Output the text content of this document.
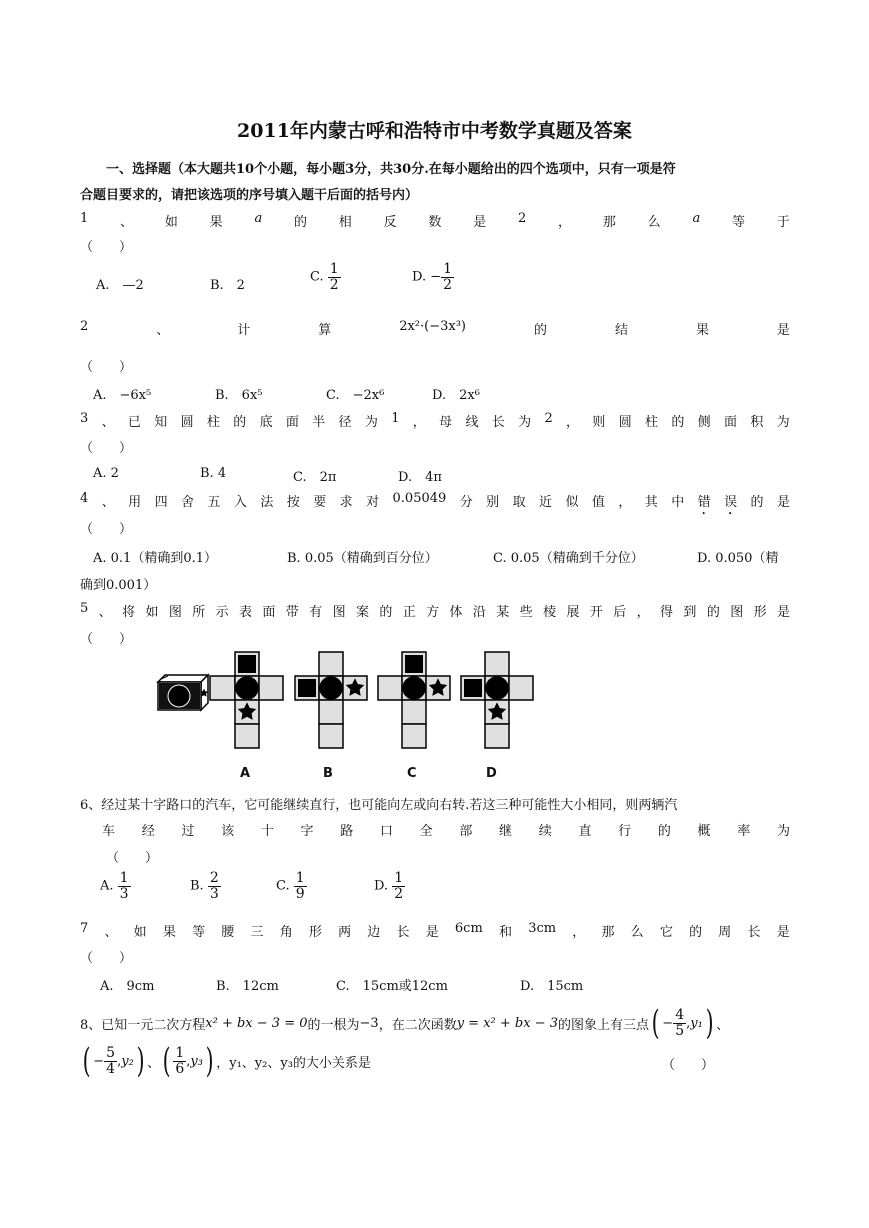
2011年内蒙古呼和浩特市中考数学真题及答案
一、选择题（本大题共10个小题，每小题3分，共30分.在每小题给出的四个选项中，只有一项是符
合题目要求的，请把该选项的序号填入题干后面的括号内）
1 、 如 果 a 的 相 反 数 是 2 ， 那 么 a 等 于
（　　）
A.　—2	B.　2
C. $\frac{1}{2}$	D. − $\frac{1}{2}$
2	、	计	算	2x²·(−3x³)	的	结	果	是
（　　）
A.　−6x⁵	B.　6x⁵	C.　−2x⁶	D.　2x⁶
3 、 已 知 圆 柱 的 底 面 半 径 为 1 ， 母 线 长 为 2 ， 则 圆 柱 的 侧 面 积 为
（　　）
A. 2	B. 4	C.　2π	D.　4π
4 、 用 四 舍 五 入 法 按 要 求 对 0.05049 分 别 取 近 似 值 ， 其 中 错 误 的 是
（　　）
A. 0.1（精确到0.1）	B. 0.05（精确到百分位）	C. 0.05（精确到千分位）	D. 0.050（精
确到0.001）
5 、 将 如 图 所 示 表 面 带 有 图 案 的 正 方 体 沿 某 些 棱 展 开 后 ， 得 到 的 图 形 是
（　　）
A	B	C	D
6、经过某十字路口的汽车，它可能继续直行，也可能向左或向右转.若这三种可能性大小相同，则两辆汽
车 经 过 该 十 字 路 口 全 部 继 续 直 行 的 概 率 为
（　　）
A. $\frac{1}{3}$	B. $\frac{2}{3}$	C. $\frac{1}{9}$	D. $\frac{1}{2}$
7 、 如 果 等 腰 三 角 形 两 边 长 是 6cm 和 3cm ， 那 么 它 的 周 长 是
（　　）
A.　9cm	B.　12cm	C.　15cm或12cm	D.　15cm
8、已知一元二次方程 x² + bx − 3 = 0 的一根为 −3 ，在二次函数 y = x² + bx − 3 的图象上有三点 ( − $\frac{4}{5}$ , y₁ ) 、
( − $\frac{5}{4}$ , y₂ ) 、 ( $\frac{1}{6}$ , y₃ ) ，y₁、y₂、y₃的大小关系是	（　　）
